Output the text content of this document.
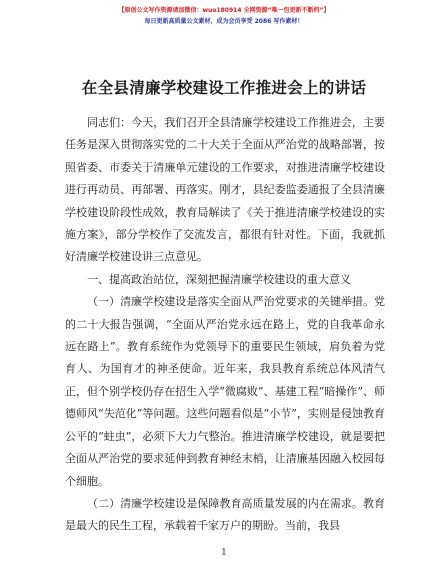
【原创公文写作资源请加微信：wuo180914 全网资源“唯一包更新不断档”】
每日更新高质量公文素材，成为会员享受 2086 写作素材！
在全县清廉学校建设工作推进会上的讲话

同志们：今天，我们召开全县清廉学校建设工作推进会，主要任务是深入贯彻落实党的二十大关于全面从严治党的战略部署，按照省委、市委关于清廉单元建设的工作要求，对推进清廉学校建设进行再动员、再部署、再落实。刚才，县纪委监委通报了全县清廉学校建设阶段性成效，教育局解读了《关于推进清廉学校建设的实施方案》，部分学校作了交流发言，都很有针对性。下面，我就抓好清廉学校建设讲三点意见。

一、提高政治站位，深刻把握清廉学校建设的重大意义

（一）清廉学校建设是落实全面从严治党要求的关键举措。党的二十大报告强调，“全面从严治党永远在路上，党的自我革命永远在路上”。教育系统作为党领导下的重要民生领域，肩负着为党育人、为国育才的神圣使命。近年来，我县教育系统总体风清气正，但个别学校仍存在招生入学“微腐败”、基建工程“暗操作”、师德师风“失范化”等问题。这些问题看似是“小节”，实则是侵蚀教育公平的“蛀虫”，必须下大力气整治。推进清廉学校建设，就是要把全面从严治党的要求延伸到教育神经末梢，让清廉基因融入校园每个细胞。

（二）清廉学校建设是保障教育高质量发展的内在需求。教育是最大的民生工程，承载着千家万户的期盼。当前，我县

1
